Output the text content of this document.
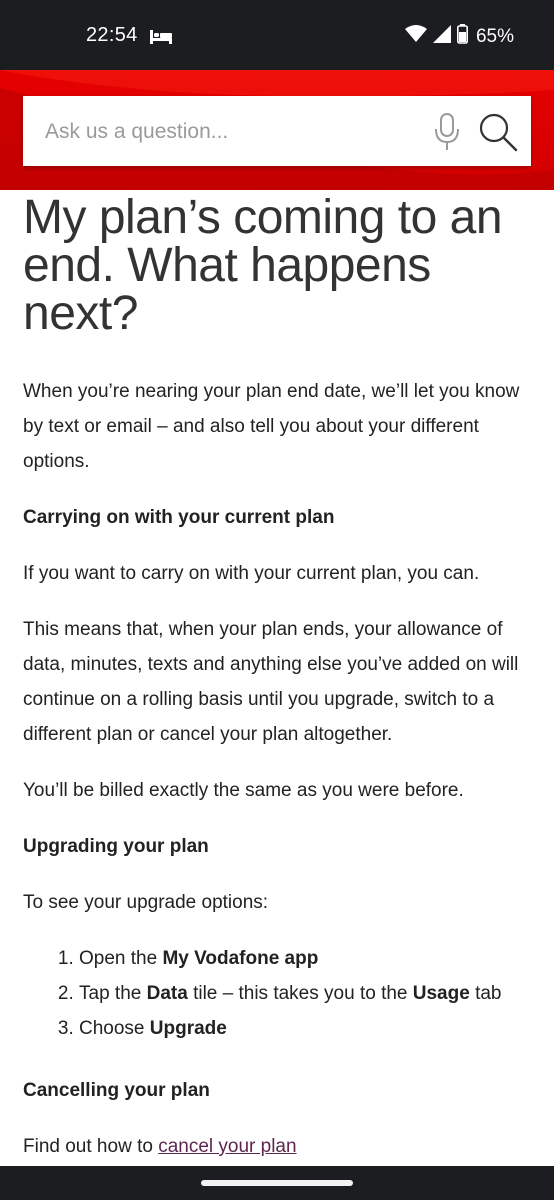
22:54	65%
Ask us a question...
My plan’s coming to an end. What happens next?

When you’re nearing your plan end date, we’ll let you know by text or email – and also tell you about your different options.

Carrying on with your current plan

If you want to carry on with your current plan, you can.

This means that, when your plan ends, your allowance of data, minutes, texts and anything else you’ve added on will continue on a rolling basis until you upgrade, switch to a different plan or cancel your plan altogether.

You’ll be billed exactly the same as you were before.

Upgrading your plan

To see your upgrade options:

1. Open the My Vodafone app
2. Tap the Data tile – this takes you to the Usage tab
3. Choose Upgrade
Cancelling your plan

Find out how to cancel your plan
